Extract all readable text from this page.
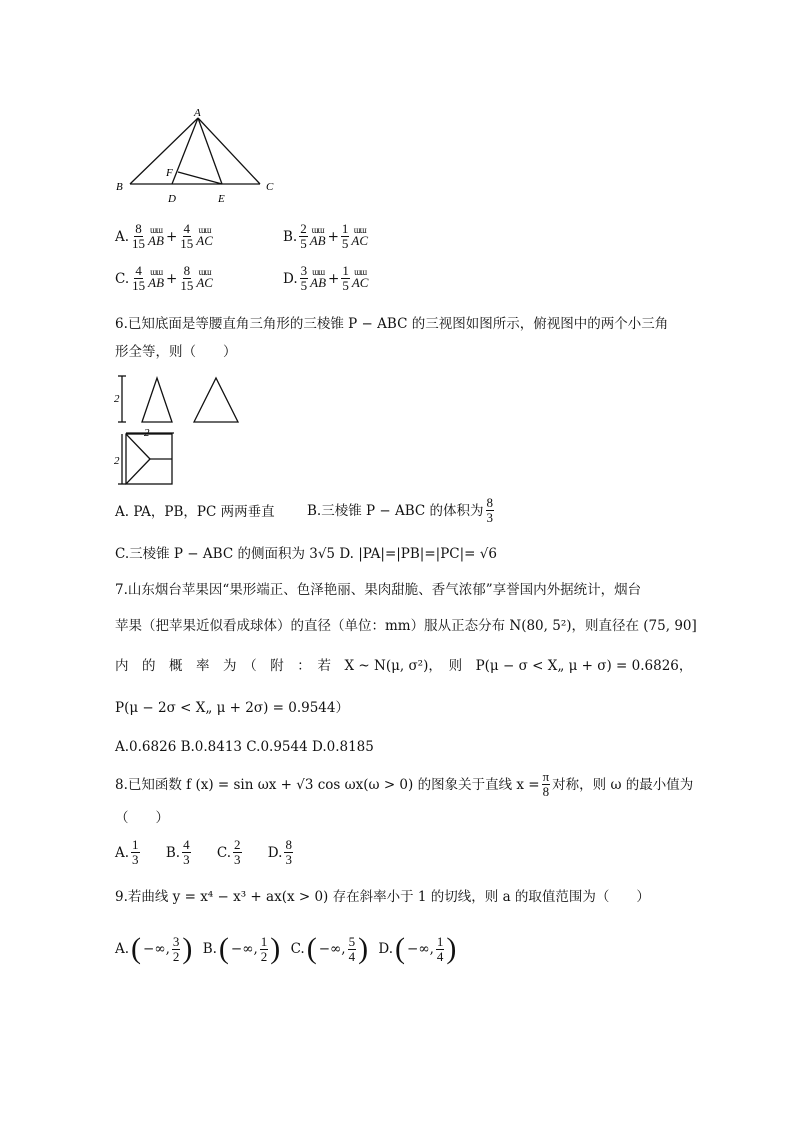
A
B	C
D	E
F
A. $\frac{8}{15}$ ɯɯ
AB + $\frac{4}{15}$ ɯɯ
AC	B. $\frac{2}{5}$ ɯɯ
AB + $\frac{1}{5}$ ɯɯ
AC
C. $\frac{4}{15}$ ɯɯ
AB + $\frac{8}{15}$ ɯɯ
AC	D. $\frac{3}{5}$ ɯɯ
AB + $\frac{1}{5}$ ɯɯ
AC
6.已知底面是等腰直角三角形的三棱锥 P − ABC 的三视图如图所示，俯视图中的两个小三角
形全等，则（　　）
2
2
2
A. PA，PB，PC 两两垂直 B.三棱锥 P − ABC 的体积为 $\frac{8}{3}$
C.三棱锥 P − ABC 的侧面积为 3√5 D. |PA|=|PB|=|PC|= √6
7.山东烟台苹果因“果形端正、色泽艳丽、果肉甜脆、香气浓郁”享誉国内外据统计，烟台
苹果（把苹果近似看成球体）的直径（单位：mm）服从正态分布 N(80, 5²)，则直径在 (75, 90]
内　的　概　率　为　（　附　：　若　X ~ N(μ, σ²)，　则　P(μ − σ < X„ μ + σ) = 0.6826，
P(μ − 2σ < X„ μ + 2σ) = 0.9544）
A.0.6826 B.0.8413 C.0.9544 D.0.8185
8.已知函数 f (x) = sin ωx + √3 cos ωx(ω > 0) 的图象关于直线 $x = \frac{\pi}{8}$ 对称，则 ω 的最小值为
（　　）
A. $\frac{1}{3}$
B. $\frac{4}{3}$
C. $\frac{2}{3}$
D. $\frac{8}{3}$
9.若曲线 y = x⁴ − x³ + ax(x > 0) 存在斜率小于 1 的切线，则 a 的取值范围为（　　）
A. ( −∞, $\frac{3}{2}$ )
B. ( −∞, $\frac{1}{2}$ )
C. ( −∞, $\frac{5}{4}$ )
D. ( −∞, $\frac{1}{4}$ )
